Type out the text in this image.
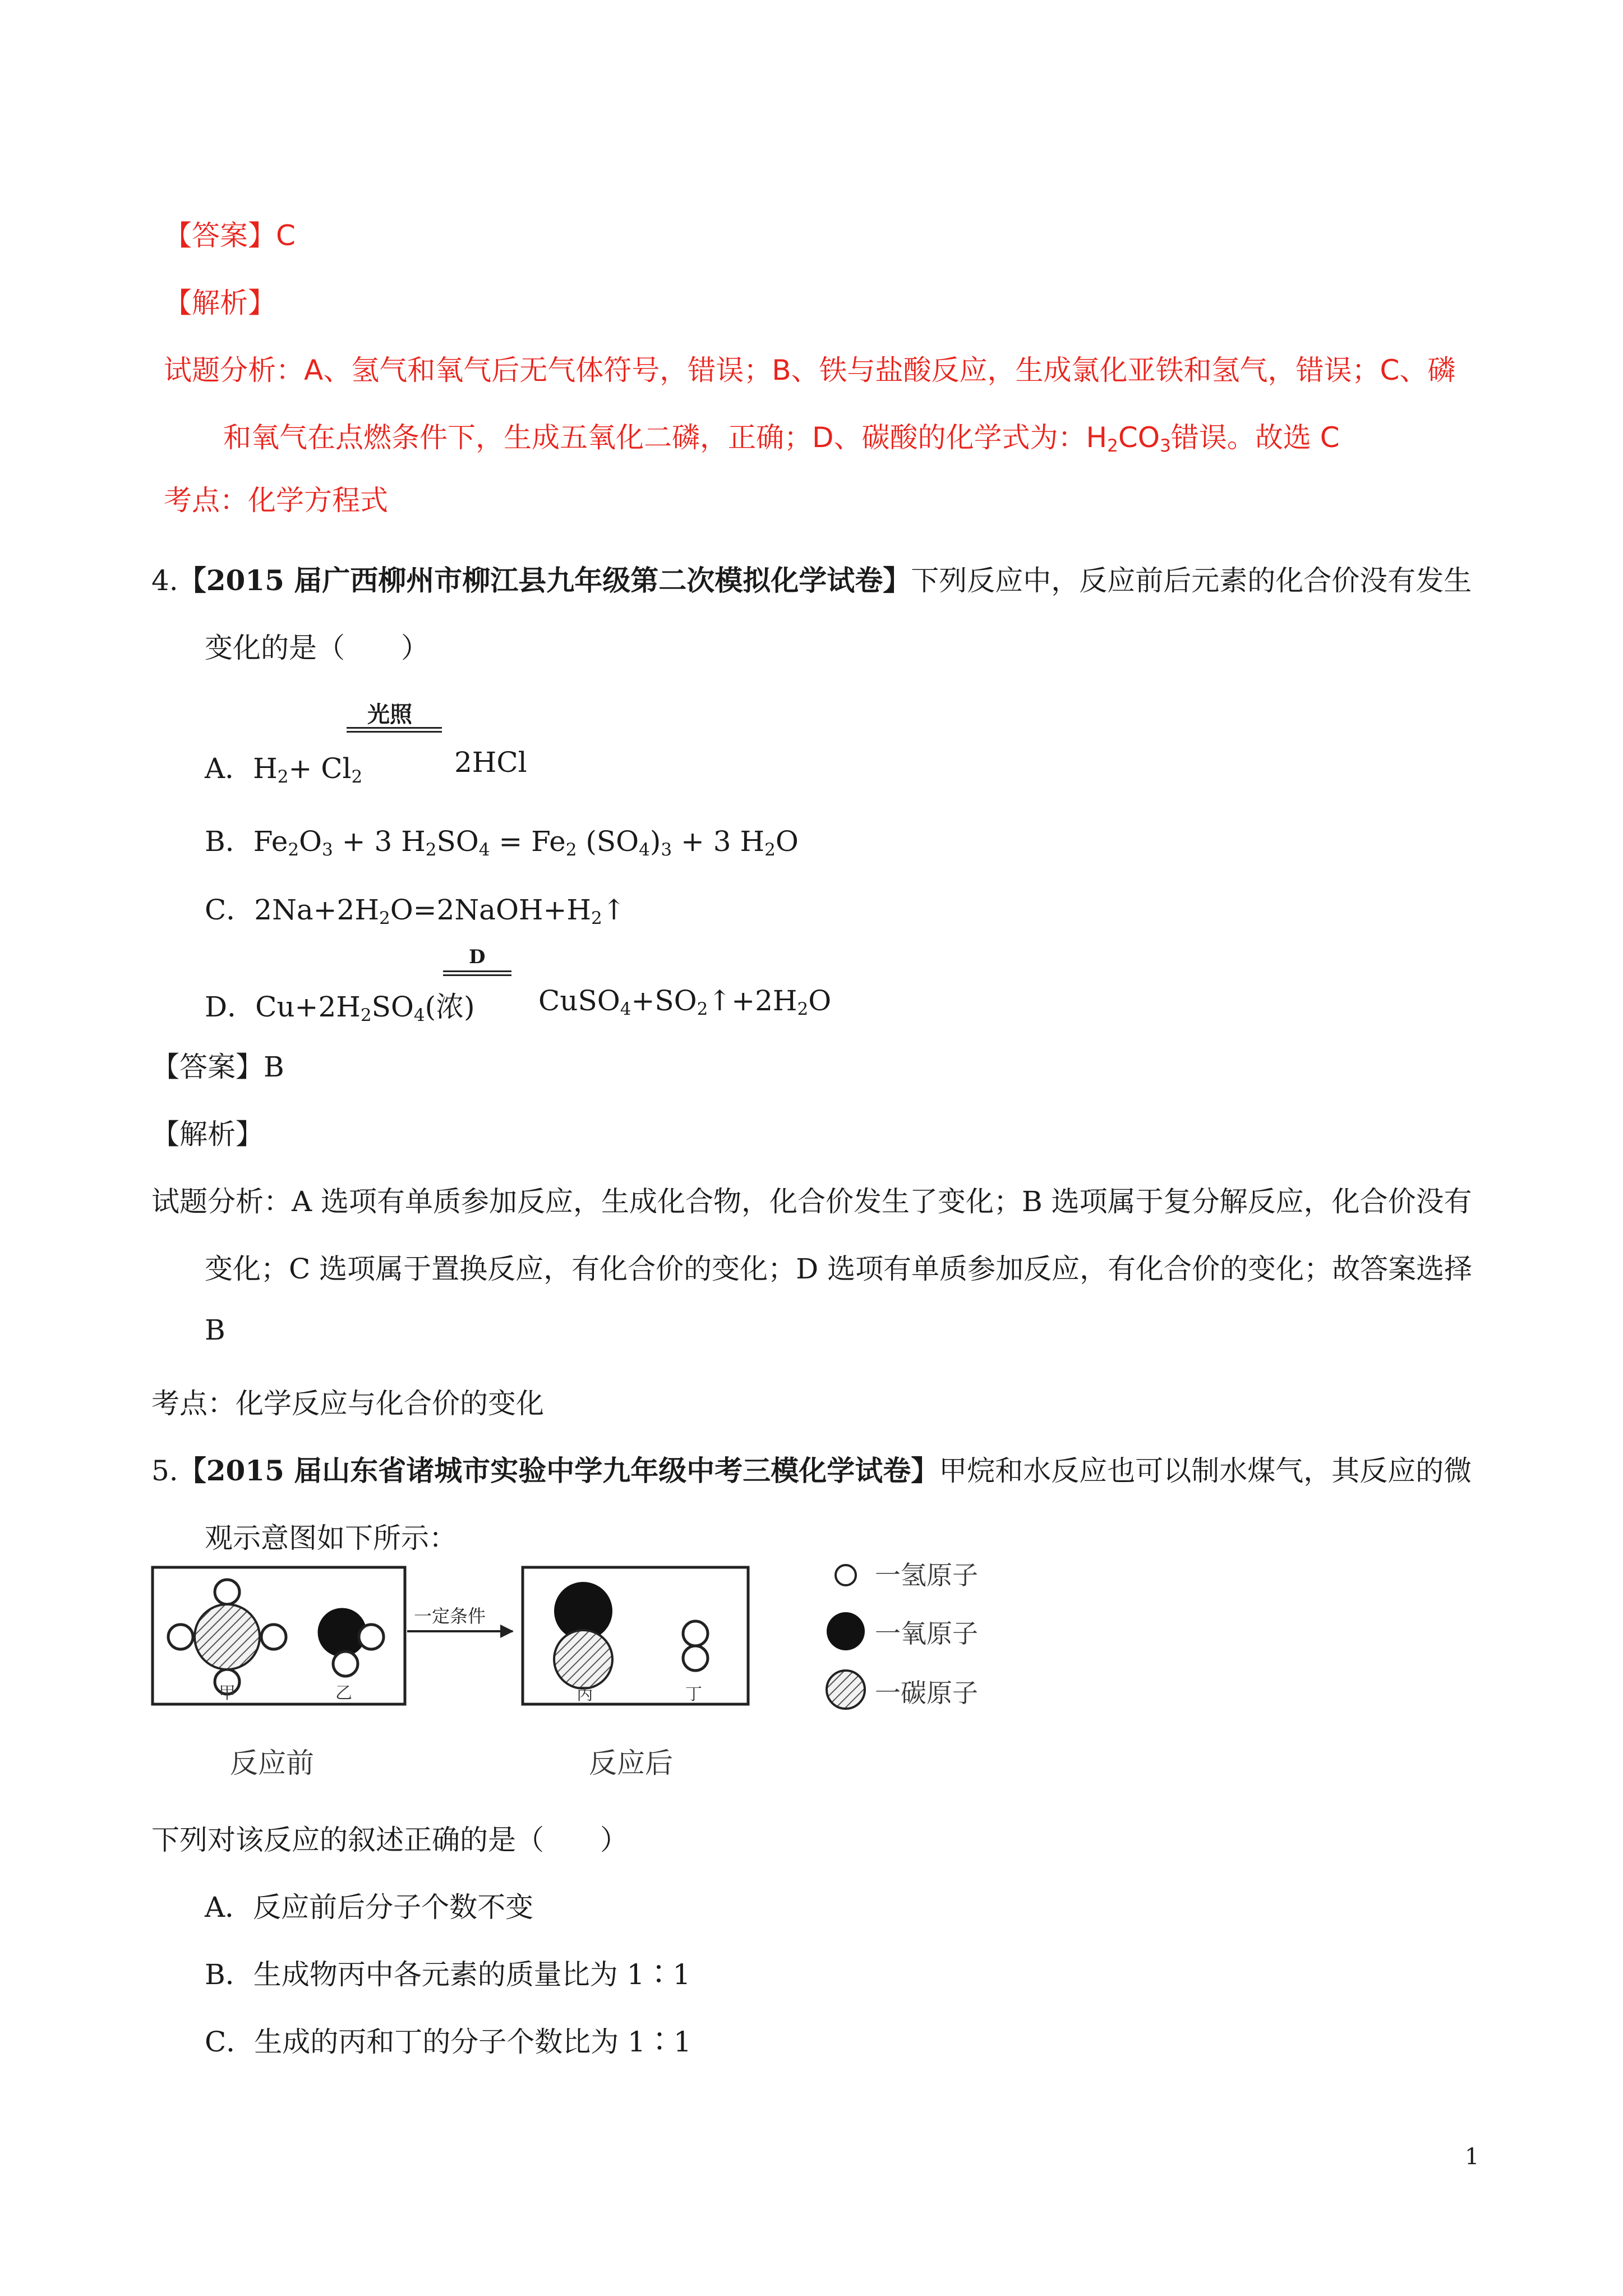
【答案】C
【解析】
试题分析：A、氢气和氧气后无气体符号，错误；B、铁与盐酸反应，生成氯化亚铁和氢气，错误；C、磷
和氧气在点燃条件下，生成五氧化二磷，正确；D、碳酸的化学式为：$H_2CO_3$错误。故选 C
考点：化学方程式
4.【2015 届广西柳州市柳江县九年级第二次模拟化学试卷】下列反应中，反应前后元素的化合价没有发生
变化的是（　　）
光照
A．$H_2+ Cl_2$	2HCl
B．$Fe_2O_3 + 3$ $H_2SO_4 = Fe_2$ $(SO_4)_3 + 3$ $H_2O$
C．$2Na+2H_2O=2NaOH+H_2↑$
D
D．$Cu+2H_2SO_4$(浓) $CuSO_4+SO_2↑+2H_2O$
【答案】B
【解析】
试题分析：A 选项有单质参加反应，生成化合物，化合价发生了变化；B 选项属于复分解反应，化合价没有
变化；C 选项属于置换反应，有化合价的变化；D 选项有单质参加反应，有化合价的变化；故答案选择
B
考点：化学反应与化合价的变化
5.【2015 届山东省诸城市实验中学九年级中考三模化学试卷】甲烷和水反应也可以制水煤气，其反应的微
观示意图如下所示：
甲	乙
一定条件
丙	丁
一氢原子
一氧原子
一碳原子
反应前	反应后
下列对该反应的叙述正确的是（　　）
A．反应前后分子个数不变
B．生成物丙中各元素的质量比为 1∶1
C．生成的丙和丁的分子个数比为 1∶1
1
